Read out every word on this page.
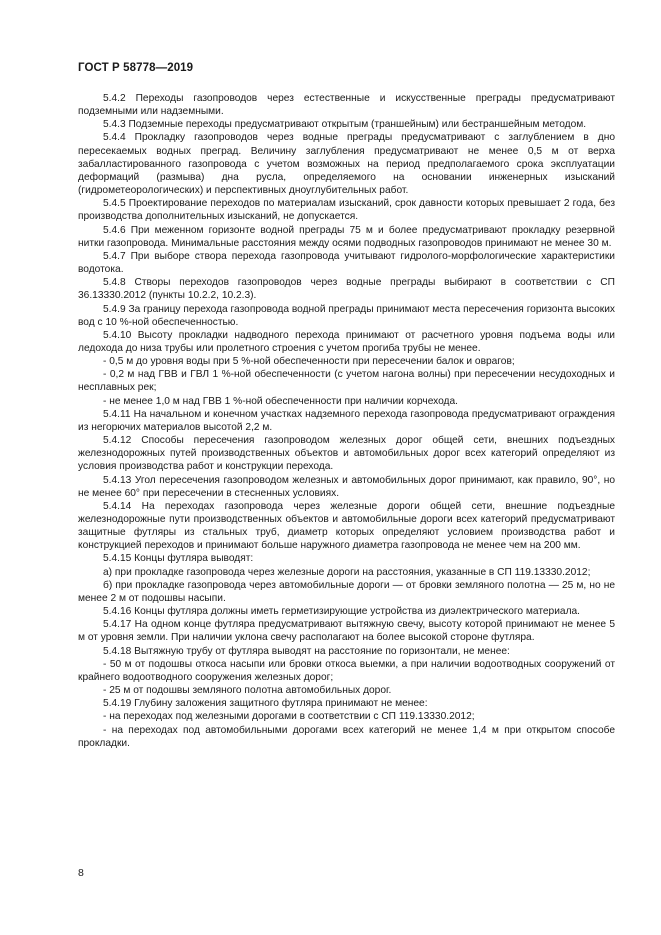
ГОСТ Р 58778—2019

5.4.2 Переходы газопроводов через естественные и искусственные преграды предусматривают подземными или надземными.

5.4.3 Подземные переходы предусматривают открытым (траншейным) или бестраншейным методом.

5.4.4 Прокладку газопроводов через водные преграды предусматривают с заглублением в дно пересекаемых водных преград. Величину заглубления предусматривают не менее 0,5 м от верха забалластированного газопровода с учетом возможных на период предполагаемого срока эксплуатации деформаций (размыва) дна русла, определяемого на основании инженерных изысканий (гидрометеорологических) и перспективных дноуглубительных работ.

5.4.5 Проектирование переходов по материалам изысканий, срок давности которых превышает 2 года, без производства дополнительных изысканий, не допускается.

5.4.6 При меженном горизонте водной преграды 75 м и более предусматривают прокладку резервной нитки газопровода. Минимальные расстояния между осями подводных газопроводов принимают не менее 30 м.

5.4.7 При выборе створа перехода газопровода учитывают гидролого-морфологические характеристики водотока.

5.4.8 Створы переходов газопроводов через водные преграды выбирают в соответствии с СП 36.13330.2012 (пункты 10.2.2, 10.2.3).

5.4.9 За границу перехода газопровода водной преграды принимают места пересечения горизонта высоких вод с 10 %-ной обеспеченностью.

5.4.10 Высоту прокладки надводного перехода принимают от расчетного уровня подъема воды или ледохода до низа трубы или пролетного строения с учетом прогиба трубы не менее.

- 0,5 м до уровня воды при 5 %-ной обеспеченности при пересечении балок и оврагов;

- 0,2 м над ГВВ и ГВЛ 1 %-ной обеспеченности (с учетом нагона волны) при пересечении несудоходных и несплавных рек;

- не менее 1,0 м над ГВВ 1 %-ной обеспеченности при наличии корчехода.

5.4.11 На начальном и конечном участках надземного перехода газопровода предусматривают ограждения из негорючих материалов высотой 2,2 м.

5.4.12 Способы пересечения газопроводом железных дорог общей сети, внешних подъездных железнодорожных путей производственных объектов и автомобильных дорог всех категорий определяют из условия производства работ и конструкции перехода.

5.4.13 Угол пересечения газопроводом железных и автомобильных дорог принимают, как правило, 90°, но не менее 60° при пересечении в стесненных условиях.

5.4.14 На переходах газопровода через железные дороги общей сети, внешние подъездные железнодорожные пути производственных объектов и автомобильные дороги всех категорий предусматривают защитные футляры из стальных труб, диаметр которых определяют условием производства работ и конструкцией переходов и принимают больше наружного диаметра газопровода не менее чем на 200 мм.

5.4.15 Концы футляра выводят:

а) при прокладке газопровода через железные дороги на расстояния, указанные в СП 119.13330.2012;

б) при прокладке газопровода через автомобильные дороги — от бровки земляного полотна — 25 м, но не менее 2 м от подошвы насыпи.

5.4.16 Концы футляра должны иметь герметизирующие устройства из диэлектрического материала.

5.4.17 На одном конце футляра предусматривают вытяжную свечу, высоту которой принимают не менее 5 м от уровня земли. При наличии уклона свечу располагают на более высокой стороне футляра.

5.4.18 Вытяжную трубу от футляра выводят на расстояние по горизонтали, не менее:

- 50 м от подошвы откоса насыпи или бровки откоса выемки, а при наличии водоотводных сооружений от крайнего водоотводного сооружения железных дорог;

- 25 м от подошвы земляного полотна автомобильных дорог.

5.4.19 Глубину заложения защитного футляра принимают не менее:

- на переходах под железными дорогами в соответствии с СП 119.13330.2012;

- на переходах под автомобильными дорогами всех категорий не менее 1,4 м при открытом способе прокладки.

8
